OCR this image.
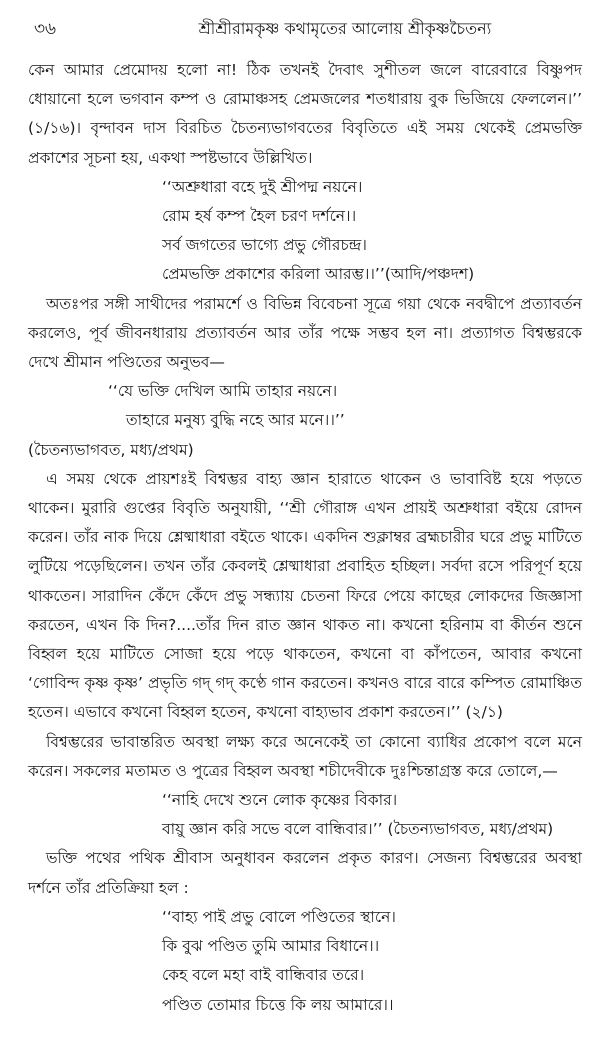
৩৬	শ্রীশ্রীরামকৃষ্ণ কথামৃতের আলোয় শ্রীকৃষ্ণচৈতন্য

কেন আমার প্রেমোদয় হলো না! ঠিক তখনই দৈবাৎ সুশীতল জলে বারেবারে বিষ্ণুপদ ধোয়ানো হলে ভগবান কম্প ও রোমাঞ্চসহ প্রেমজলের শতধারায় বুক ভিজিয়ে ফেললেন।’’ (১/১৬)। বৃন্দাবন দাস বিরচিত চৈতন্যভাগবতের বিবৃতিতে এই সময় থেকেই প্রেমভক্তি প্রকাশের সূচনা হয়, একথা স্পষ্টভাবে উল্লিখিত।

‘‘অশ্রুধারা বহে দুই শ্রীপদ্ম নয়নে।

রোম হর্ষ কম্প হৈল চরণ দর্শনে।।

সর্ব জগতের ভাগ্যে প্রভু গৌরচন্দ্র।

প্রেমভক্তি প্রকাশের করিলা আরম্ভ।।’’(আদি/পঞ্চদশ)

অতঃপর সঙ্গী সাথীদের পরামর্শে ও বিভিন্ন বিবেচনা সূত্রে গয়া থেকে নবদ্বীপে প্রত্যাবর্তন করলেও, পূর্ব জীবনধারায় প্রত্যাবর্তন আর তাঁর পক্ষে সম্ভব হল না। প্রত্যাগত বিশ্বম্ভরকে দেখে শ্রীমান পণ্ডিতের অনুভব—

‘‘যে ভক্তি দেখিল আমি তাহার নয়নে।

তাহারে মনুষ্য বুদ্ধি নহে আর মনে।।’’

(চৈতন্যভাগবত, মধ্য/প্রথম)

এ সময় থেকে প্রায়শঃই বিশ্বম্ভর বাহ্য জ্ঞান হারাতে থাকেন ও ভাবাবিষ্ট হয়ে পড়তে থাকেন। মুরারি গুপ্তের বিবৃতি অনুযায়ী, ‘‘শ্রী গৌরাঙ্গ এখন প্রায়ই অশ্রুধারা বইয়ে রোদন করেন। তাঁর নাক দিয়ে শ্লেষ্মাধারা বইতে থাকে। একদিন শুক্লাম্বর ব্রহ্মচারীর ঘরে প্রভু মাটিতে লুটিয়ে পড়েছিলেন। তখন তাঁর কেবলই শ্লেষ্মাধারা প্রবাহিত হচ্ছিল। সর্বদা রসে পরিপূর্ণ হয়ে থাকতেন। সারাদিন কেঁদে কেঁদে প্রভু সন্ধ্যায় চেতনা ফিরে পেয়ে কাছের লোকদের জিজ্ঞাসা করতেন, এখন কি দিন?....তাঁর দিন রাত জ্ঞান থাকত না। কখনো হরিনাম বা কীর্তন শুনে বিহ্বল হয়ে মাটিতে সোজা হয়ে পড়ে থাকতেন, কখনো বা কাঁপতেন, আবার কখনো ‘গোবিন্দ কৃষ্ণ কৃষ্ণ’ প্রভৃতি গদ্ গদ্ কণ্ঠে গান করতেন। কখনও বারে বারে কম্পিত রোমাঞ্চিত হতেন। এভাবে কখনো বিহ্বল হতেন, কখনো বাহ্যভাব প্রকাশ করতেন।’’ (২/১)

বিশ্বম্ভরের ভাবান্তরিত অবস্থা লক্ষ্য করে অনেকেই তা কোনো ব্যাধির প্রকোপ বলে মনে করেন। সকলের মতামত ও পুত্রের বিহ্বল অবস্থা শচীদেবীকে দুঃশ্চিন্তাগ্রস্ত করে তোলে,—

‘‘নাহি দেখে শুনে লোক কৃষ্ণের বিকার।

বায়ু জ্ঞান করি সভে বলে বান্ধিবার।’’ (চৈতন্যভাগবত, মধ্য/প্রথম)

ভক্তি পথের পথিক শ্রীবাস অনুধাবন করলেন প্রকৃত কারণ। সেজন্য বিশ্বম্ভরের অবস্থা দর্শনে তাঁর প্রতিক্রিয়া হল :

‘‘বাহ্য পাই প্রভু বোলে পণ্ডিতের স্থানে।

কি বুঝ পণ্ডিত তুমি আমার বিধানে।।

কেহ বলে মহা বাই বান্ধিবার তরে।

পণ্ডিত তোমার চিত্তে কি লয় আমারে।।
